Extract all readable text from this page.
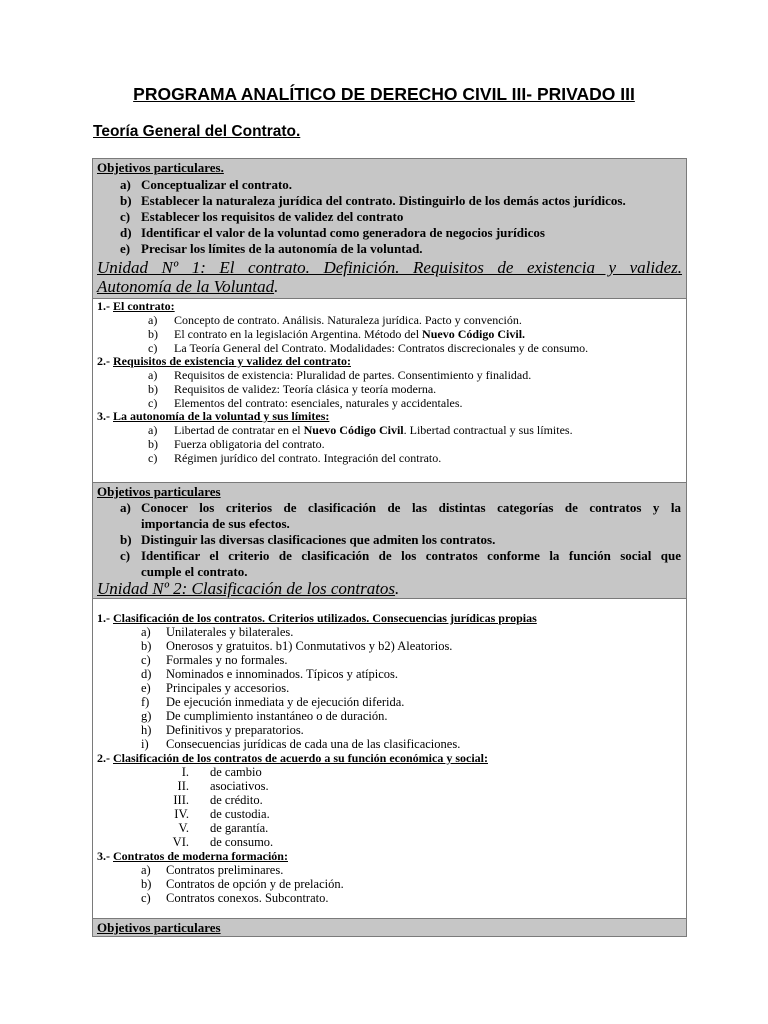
PROGRAMA ANALÍTICO DE DERECHO CIVIL III- PRIVADO III
Teoría General del Contrato.
Objetivos particulares.
a) Conceptualizar el contrato.
b) Establecer la naturaleza jurídica del contrato. Distinguirlo de los demás actos jurídicos.
c) Establecer los requisitos de validez del contrato
d) Identificar el valor de la voluntad como generadora de negocios jurídicos
e) Precisar los límites de la autonomía de la voluntad.
Unidad Nº 1: El contrato. Definición. Requisitos de existencia y validez.
Autonomía de la Voluntad.
1.- El contrato:
a) Concepto de contrato. Análisis. Naturaleza jurídica. Pacto y convención.
b) El contrato en la legislación Argentina. Método del Nuevo Código Civil.
c) La Teoría General del Contrato. Modalidades: Contratos discrecionales y de consumo.
2.- Requisitos de existencia y validez del contrato:
a) Requisitos de existencia: Pluralidad de partes. Consentimiento y finalidad.
b) Requisitos de validez: Teoría clásica y teoría moderna.
c) Elementos del contrato: esenciales, naturales y accidentales.
3.- La autonomía de la voluntad y sus límites:
a) Libertad de contratar en el Nuevo Código Civil. Libertad contractual y sus límites.
b) Fuerza obligatoria del contrato.
c) Régimen jurídico del contrato. Integración del contrato.
Objetivos particulares
a) Conocer los criterios de clasificación de las distintas categorías de contratos y la
importancia de sus efectos.
b) Distinguir las diversas clasificaciones que admiten los contratos.
c) Identificar el criterio de clasificación de los contratos conforme la función social que
cumple el contrato.
Unidad Nº 2: Clasificación de los contratos.
1.- Clasificación de los contratos. Criterios utilizados. Consecuencias jurídicas propias
a) Unilaterales y bilaterales.
b) Onerosos y gratuitos. b1) Conmutativos y b2) Aleatorios.
c) Formales y no formales.
d) Nominados e innominados. Típicos y atípicos.
e) Principales y accesorios.
f) De ejecución inmediata y de ejecución diferida.
g) De cumplimiento instantáneo o de duración.
h) Definitivos y preparatorios.
i) Consecuencias jurídicas de cada una de las clasificaciones.
2.- Clasificación de los contratos de acuerdo a su función económica y social:
I. de cambio
II. asociativos.
III. de crédito.
IV. de custodia.
V. de garantía.
VI. de consumo.
3.- Contratos de moderna formación:
a) Contratos preliminares.
b) Contratos de opción y de prelación.
c) Contratos conexos. Subcontrato.
Objetivos particulares
